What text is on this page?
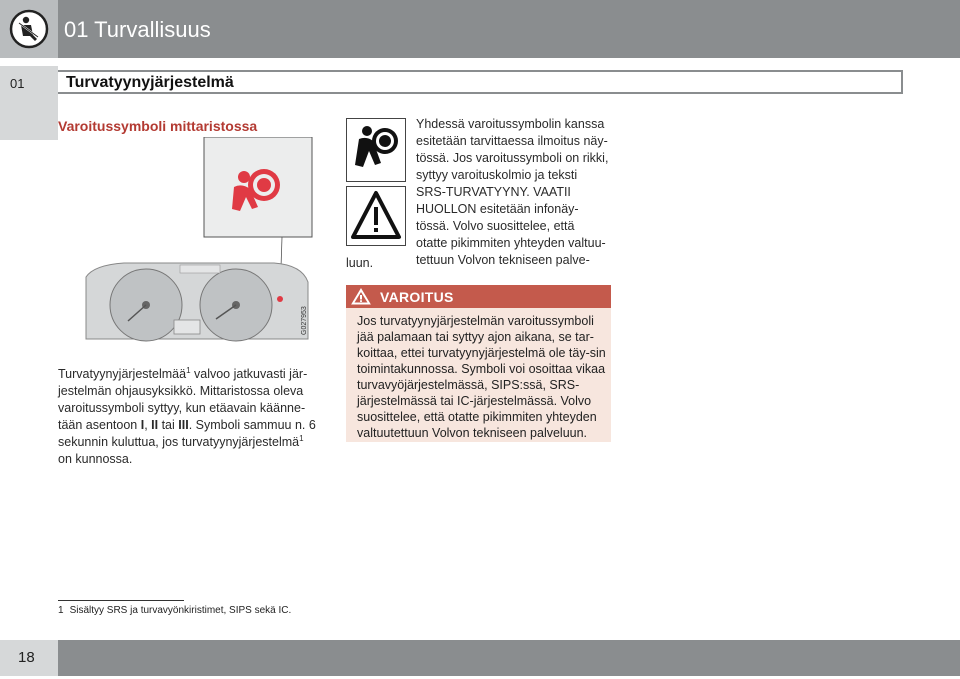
01 Turvallisuus
01	Turvatyynyjärjestelmä
Varoitussymboli mittaristossa
G027953
Turvatyynyjärjestelmää$^1$ valvoo jatkuvasti jär-jestelmän ohjausyksikkö. Mittaristossa oleva varoitussymboli syttyy, kun etäavain käänne-tään asentoon I, II tai III. Symboli sammuu n. 6 sekunnin kuluttua, jos turvatyynyjärjestelmä$^1$ on kunnossa.
Yhdessä varoitussymbolin kanssa
esitetään tarvittaessa ilmoitus näy-
tössä. Jos varoitussymboli on rikki,
syttyy varoituskolmio ja teksti
SRS-TURVATYYNY. VAATII
HUOLLON esitetään infonäy-
tössä. Volvo suosittelee, että
otatte pikimmiten yhteyden valtuu-
tettuun Volvon tekniseen palve-
luun.
VAROITUS
Jos turvatyynyjärjestelmän varoitussymboli jää palamaan tai syttyy ajon aikana, se tar-koittaa, ettei turvatyynyjärjestelmä ole täy-sin toimintakunnossa. Symboli voi osoittaa vikaa turvavyöjärjestelmässä, SIPS:ssä, SRS-järjestelmässä tai IC-järjestelmässä. Volvo suosittelee, että otatte pikimmiten yhteyden valtuutettuun Volvon tekniseen palveluun.
1 Sisältyy SRS ja turvavyönkiristimet, SIPS sekä IC.
18
